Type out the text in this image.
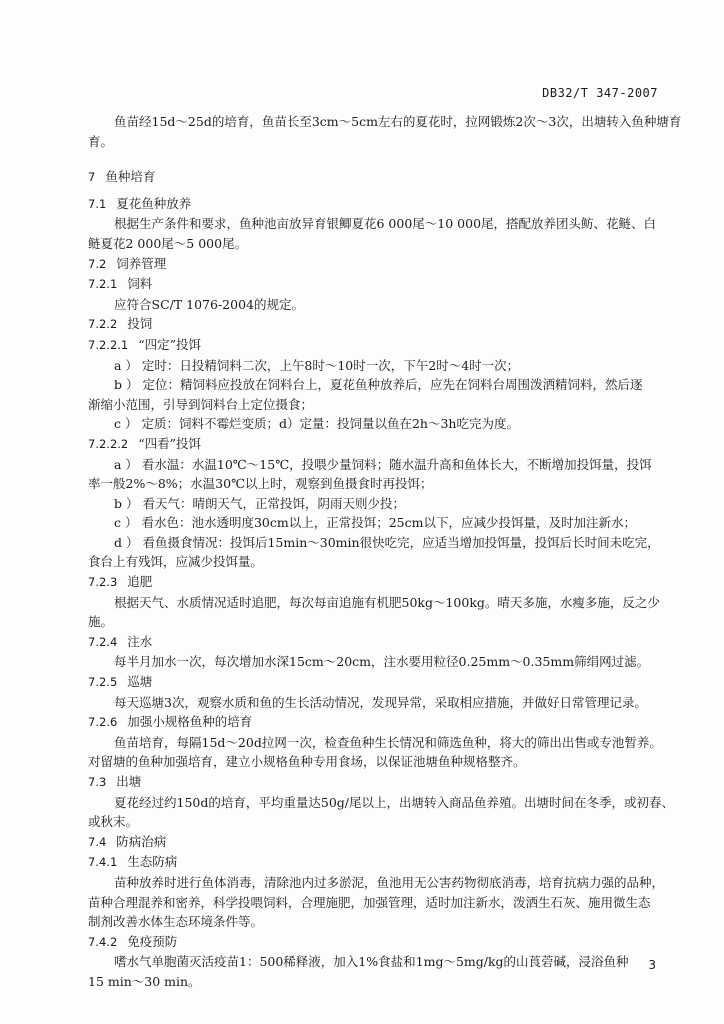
DB32/T 347-2007
鱼苗经15d～25d的培育，鱼苗长至3cm～5cm左右的夏花时，拉网锻炼2次～3次，出塘转入鱼种塘育
育。
7 鱼种培育
7.1 夏花鱼种放养
根据生产条件和要求，鱼种池亩放异育银鲫夏花6 000尾～10 000尾，搭配放养团头鲂、花鲢、白
鲢夏花2 000尾～5 000尾。
7.2 饲养管理
7.2.1 饲料
应符合SC/T 1076-2004的规定。
7.2.2 投饲
7.2.2.1 “四定”投饵
a ） 定时：日投精饲料二次，上午8时～10时一次，下午2时～4时一次；
b ） 定位：精饲料应投放在饲料台上，夏花鱼种放养后，应先在饲料台周围泼洒精饲料，然后逐
渐缩小范围，引导到饲料台上定位摄食；
c ） 定质：饲料不霉烂变质；d）定量：投饲量以鱼在2h～3h吃完为度。
7.2.2.2 “四看”投饵
a ） 看水温：水温10℃～15℃，投喂少量饲料；随水温升高和鱼体长大，不断增加投饵量，投饵
率一般2%～8%；水温30℃以上时，观察到鱼摄食时再投饵；
b ） 看天气：晴朗天气，正常投饵，阴雨天则少投；
c ） 看水色：池水透明度30cm以上，正常投饵；25cm以下，应减少投饵量，及时加注新水；
d ） 看鱼摄食情况：投饵后15min～30min很快吃完，应适当增加投饵量，投饵后长时间未吃完，
食台上有残饵，应减少投饵量。
7.2.3 追肥
根据天气、水质情况适时追肥，每次每亩追施有机肥50kg～100kg。晴天多施，水瘦多施，反之少
施。
7.2.4 注水
每半月加水一次，每次增加水深15cm～20cm，注水要用粒径0.25mm～0.35mm筛绢网过滤。
7.2.5 巡塘
每天巡塘3次，观察水质和鱼的生长活动情况，发现异常，采取相应措施，并做好日常管理记录。
7.2.6 加强小规格鱼种的培育
鱼苗培育，每隔15d～20d拉网一次，检查鱼种生长情况和筛选鱼种，将大的筛出出售或专池暂养。
对留塘的鱼种加强培育，建立小规格鱼种专用食场，以保证池塘鱼种规格整齐。
7.3 出塘
夏花经过约150d的培育，平均重量达50g/尾以上，出塘转入商品鱼养殖。出塘时间在冬季，或初春、
或秋末。
7.4 防病治病
7.4.1 生态防病
苗种放养时进行鱼体消毒，清除池内过多淤泥，鱼池用无公害药物彻底消毒，培育抗病力强的品种，
苗种合理混养和密养，科学投喂饲料，合理施肥，加强管理，适时加注新水，泼洒生石灰、施用微生态
制剂改善水体生态环境条件等。
7.4.2 免疫预防
嗜水气单胞菌灭活疫苗1：500稀释液，加入1%食盐和1mg～5mg/kg的山莨菪碱，浸浴鱼种
15 min～30 min。
3
